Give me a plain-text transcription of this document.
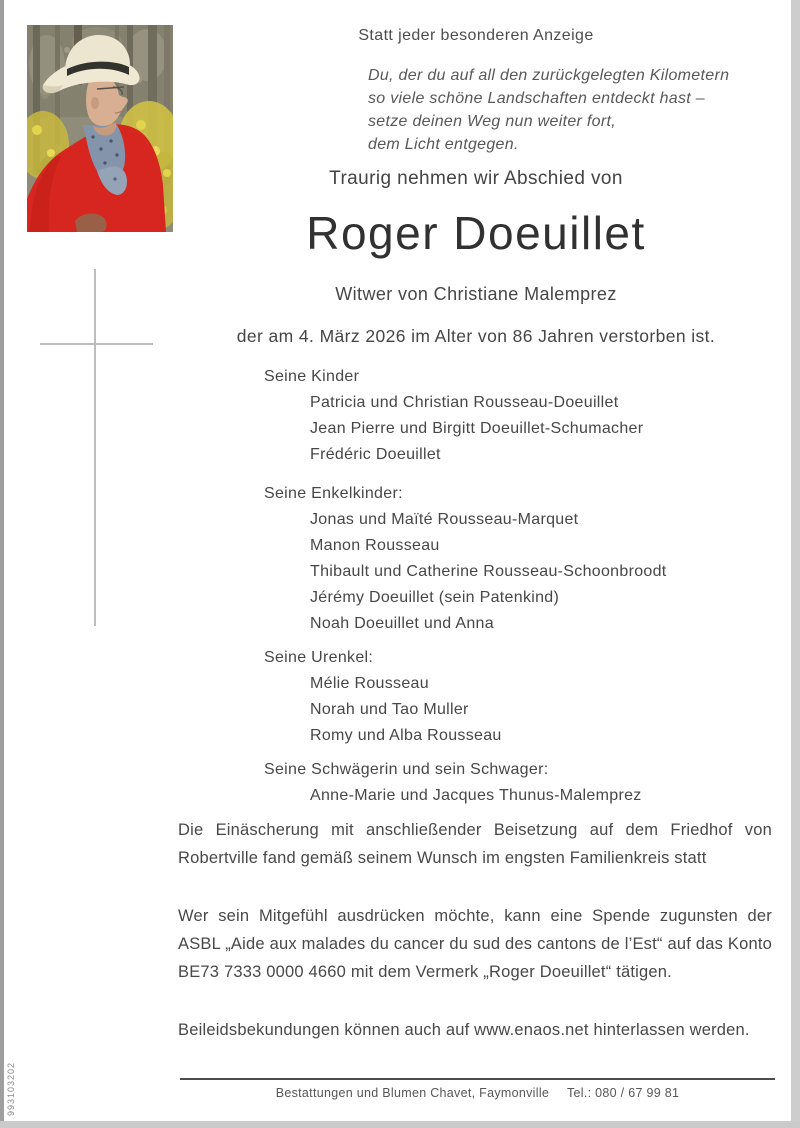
993103202
Statt jeder besonderen Anzeige
Du, der du auf all den zurückgelegten Kilometern
so viele schöne Landschaften entdeckt hast –
setze deinen Weg nun weiter fort,
dem Licht entgegen.
Traurig nehmen wir Abschied von
Roger Doeuillet
Witwer von Christiane Malemprez
der am 4. März 2026 im Alter von 86 Jahren verstorben ist.
Seine Kinder
Patricia und Christian Rousseau-Doeuillet
Jean Pierre und Birgitt Doeuillet-Schumacher
Frédéric Doeuillet
Seine Enkelkinder:
Jonas und Maïté Rousseau-Marquet
Manon Rousseau
Thibault und Catherine Rousseau-Schoonbroodt
Jérémy Doeuillet (sein Patenkind)
Noah Doeuillet und Anna
Seine Urenkel:
Mélie Rousseau
Norah und Tao Muller
Romy und Alba Rousseau
Seine Schwägerin und sein Schwager:
Anne-Marie und Jacques Thunus-Malemprez

Die Einäscherung mit anschließender Beisetzung auf dem Friedhof von Robertville fand gemäß seinem Wunsch im engsten Familienkreis statt

Wer sein Mitgefühl ausdrücken möchte, kann eine Spende zugunsten der ASBL „Aide aux malades du cancer du sud des cantons de l’Est“ auf das Konto BE73 7333 0000 4660 mit dem Vermerk „Roger Doeuillet“ tätigen.

Beileidsbekundungen können auch auf www.enaos.net hinterlassen werden.

Bestattungen und Blumen Chavet, Faymonville Tel.: 080 / 67 99 81
